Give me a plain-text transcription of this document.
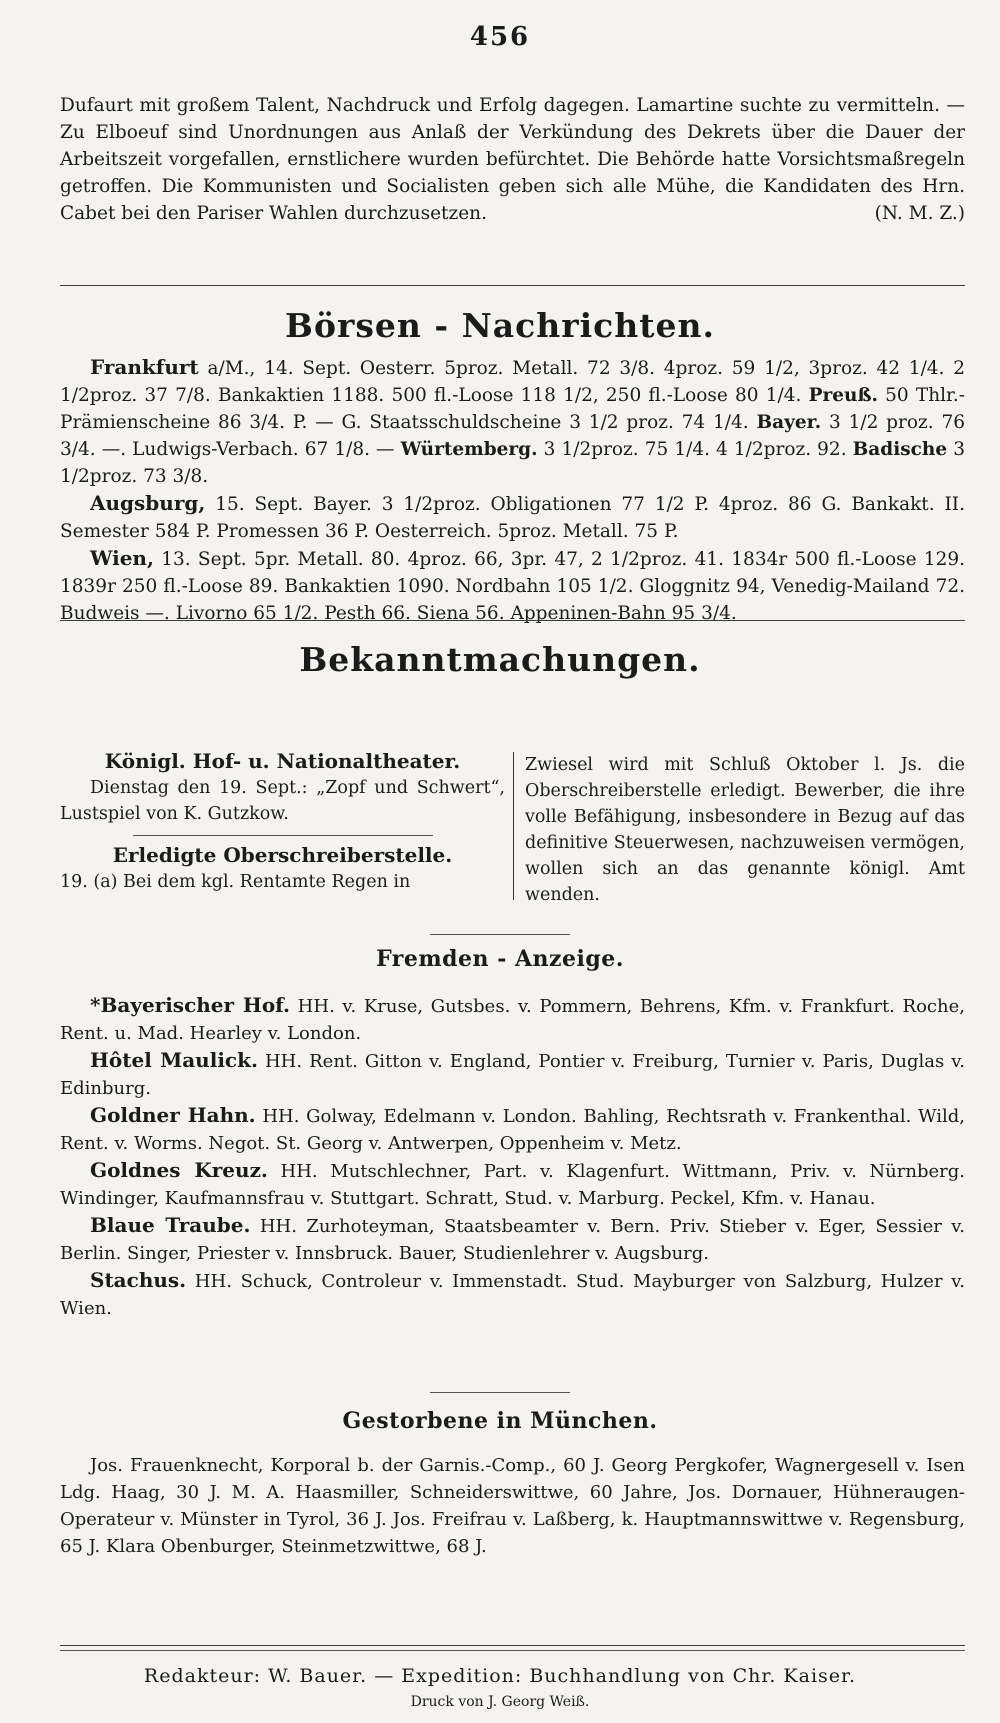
456

Dufaurt mit großem Talent, Nachdruck und Erfolg dagegen. Lamartine suchte zu vermitteln. — Zu Elboeuf sind Unordnungen aus Anlaß der Verkündung des Dekrets über die Dauer der Arbeitszeit vorgefallen, ernstlichere wurden befürchtet. Die Behörde hatte Vorsichtsmaßregeln getroffen. Die Kommunisten und Socialisten geben sich alle Mühe, die Kandidaten des Hrn. Cabet bei den Pariser Wahlen durchzusetzen.	(N. M. Z.)

Börsen - Nachrichten.

Frankfurt a/M., 14. Sept. Oesterr. 5proz. Metall. 72 3/8. 4proz. 59 1/2, 3proz. 42 1/4. 2 1/2proz. 37 7/8. Bankaktien 1188. 500 fl.-Loose 118 1/2, 250 fl.-Loose 80 1/4. Preuß. 50 Thlr.-Prämienscheine 86 3/4. P. — G. Staatsschuldscheine 3 1/2 proz. 74 1/4. Bayer. 3 1/2 proz. 76 3/4. —. Ludwigs-Verbach. 67 1/8. — Würtemberg. 3 1/2proz. 75 1/4. 4 1/2proz. 92. Badische 3 1/2proz. 73 3/8.

Augsburg, 15. Sept. Bayer. 3 1/2proz. Obligationen 77 1/2 P. 4proz. 86 G. Bankakt. II. Semester 584 P. Promessen 36 P. Oesterreich. 5proz. Metall. 75 P.

Wien, 13. Sept. 5pr. Metall. 80. 4proz. 66, 3pr. 47, 2 1/2proz. 41. 1834r 500 fl.-Loose 129. 1839r 250 fl.-Loose 89. Bankaktien 1090. Nordbahn 105 1/2. Gloggnitz 94, Venedig-Mailand 72. Budweis —. Livorno 65 1/2. Pesth 66. Siena 56. Appeninen-Bahn 95 3/4.

Bekanntmachungen.
Königl. Hof- u. Nationaltheater.

Dienstag den 19. Sept.: „Zopf und Schwert“, Lustspiel von K. Gutzkow.

Erledigte Oberschreiberstelle.

19. (a) Bei dem kgl. Rentamte Regen in

Zwiesel wird mit Schluß Oktober l. Js. die Oberschreiberstelle erledigt. Bewerber, die ihre volle Befähigung, insbesondere in Bezug auf das definitive Steuerwesen, nachzuweisen vermögen, wollen sich an das genannte königl. Amt wenden.

Fremden - Anzeige.

*Bayerischer Hof. HH. v. Kruse, Gutsbes. v. Pommern, Behrens, Kfm. v. Frankfurt. Roche, Rent. u. Mad. Hearley v. London.

Hôtel Maulick. HH. Rent. Gitton v. England, Pontier v. Freiburg, Turnier v. Paris, Duglas v. Edinburg.

Goldner Hahn. HH. Golway, Edelmann v. London. Bahling, Rechtsrath v. Frankenthal. Wild, Rent. v. Worms. Negot. St. Georg v. Antwerpen, Oppenheim v. Metz.

Goldnes Kreuz. HH. Mutschlechner, Part. v. Klagenfurt. Wittmann, Priv. v. Nürnberg. Windinger, Kaufmannsfrau v. Stuttgart. Schratt, Stud. v. Marburg. Peckel, Kfm. v. Hanau.

Blaue Traube. HH. Zurhoteyman, Staatsbeamter v. Bern. Priv. Stieber v. Eger, Sessier v. Berlin. Singer, Priester v. Innsbruck. Bauer, Studienlehrer v. Augsburg.

Stachus. HH. Schuck, Controleur v. Immenstadt. Stud. Mayburger von Salzburg, Hulzer v. Wien.

Gestorbene in München.

Jos. Frauenknecht, Korporal b. der Garnis.-Comp., 60 J. Georg Pergkofer, Wagnergesell v. Isen Ldg. Haag, 30 J. M. A. Haasmiller, Schneiderswittwe, 60 Jahre, Jos. Dornauer, Hühneraugen-Operateur v. Münster in Tyrol, 36 J. Jos. Freifrau v. Laßberg, k. Hauptmannswittwe v. Regensburg, 65 J. Klara Obenburger, Steinmetzwittwe, 68 J.

Redakteur: W. Bauer. — Expedition: Buchhandlung von Chr. Kaiser.
Druck von J. Georg Weiß.
